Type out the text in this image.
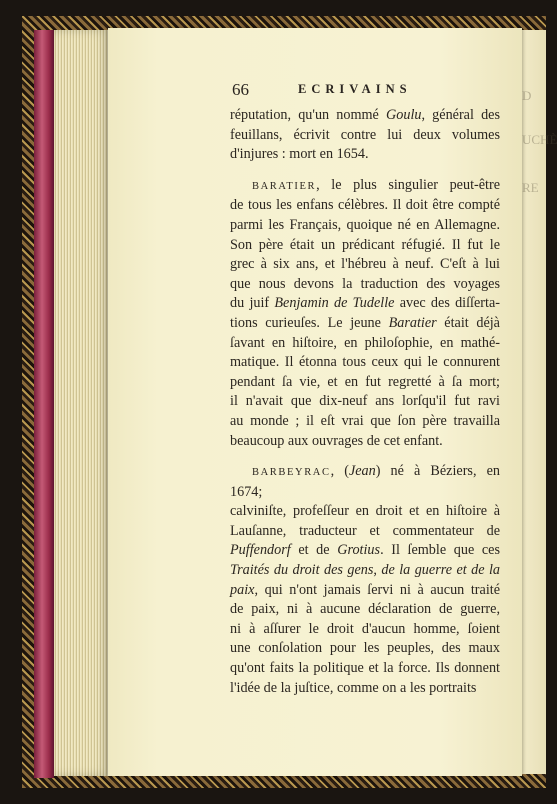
D
UCHÈ
RE
66	ECRIVAINS

réputation, qu'un nommé Goulu, général des

feuillans, écrivit contre lui deux volumes

d'injures : mort en 1654.

BARATIER, le plus singulier peut-être

de tous les enfans célèbres. Il doit être compté

parmi les Français, quoique né en Allemagne.

Son père était un prédicant réfugié. Il fut le

grec à six ans, et l'hébreu à neuf. C'eſt à lui

que nous devons la traduction des voyages

du juif Benjamin de Tudelle avec des diſſerta-

tions curieuſes. Le jeune Baratier était déjà

ſavant en hiſtoire, en philoſophie, en mathé-

matique. Il étonna tous ceux qui le connurent

pendant ſa vie, et en fut regretté à ſa mort;

il n'avait que dix-neuf ans lorſqu'il fut ravi

au monde ; il eſt vrai que ſon père travailla

beaucoup aux ouvrages de cet enfant.

BARBEYRAC, (Jean) né à Béziers, en 1674;

calviniſte, profeſſeur en droit et en hiſtoire à

Lauſanne, traducteur et commentateur de

Puffendorf et de Grotius. Il ſemble que ces

Traités du droit des gens, de la guerre et de la

paix, qui n'ont jamais ſervi ni à aucun traité

de paix, ni à aucune déclaration de guerre,

ni à aſſurer le droit d'aucun homme, ſoient

une conſolation pour les peuples, des maux

qu'ont faits la politique et la force. Ils donnent

l'idée de la juſtice, comme on a les portraits
